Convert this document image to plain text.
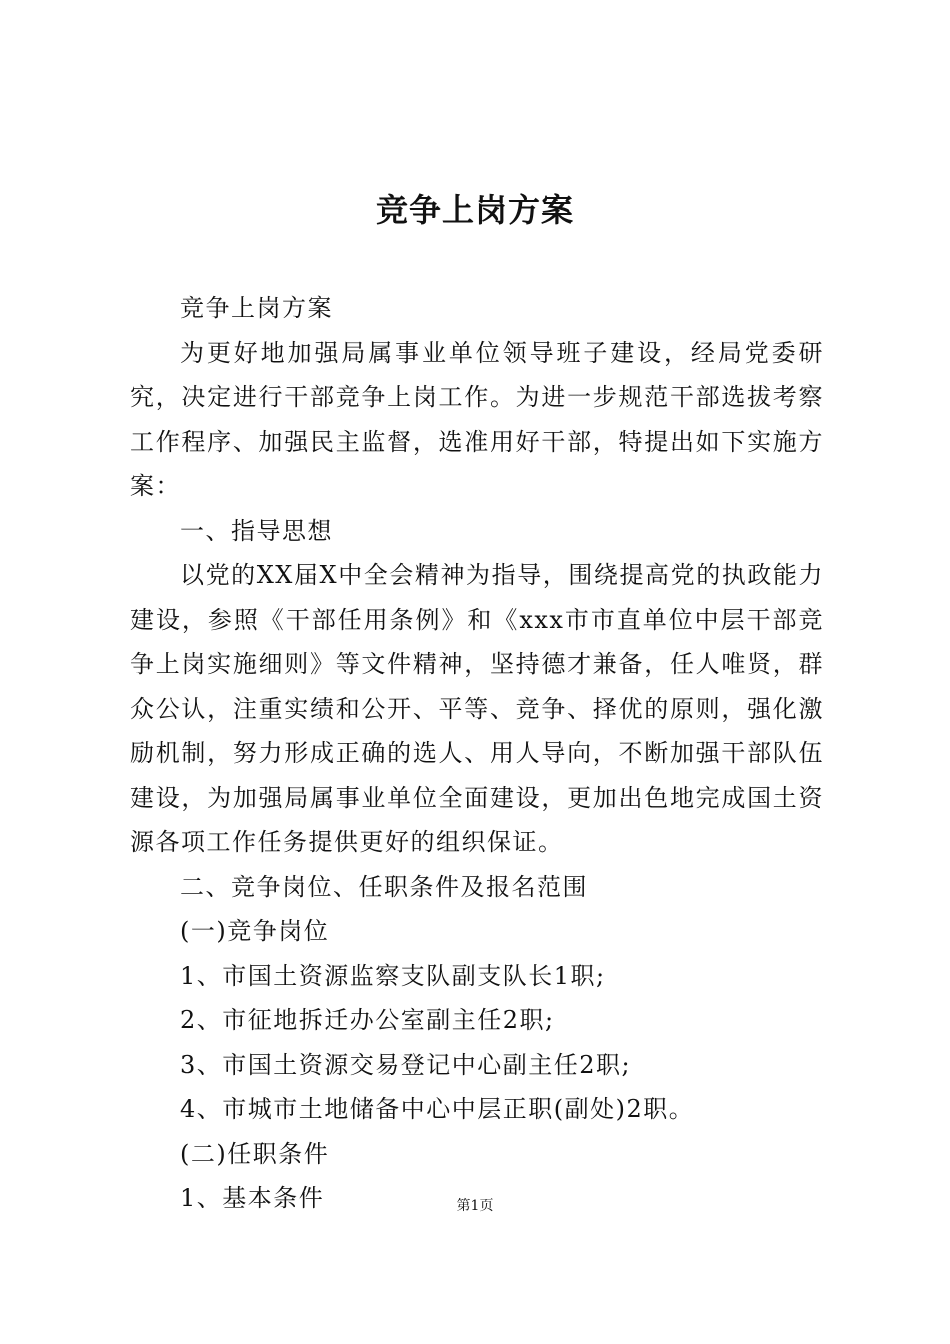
竞争上岗方案

竞争上岗方案

为更好地加强局属事业单位领导班子建设，经局党委研究，决定进行干部竞争上岗工作。为进一步规范干部选拔考察工作程序、加强民主监督，选准用好干部，特提出如下实施方案：

一、指导思想

以党的XX届X中全会精神为指导，围绕提高党的执政能力建设，参照《干部任用条例》和《xxx市市直单位中层干部竞争上岗实施细则》等文件精神，坚持德才兼备，任人唯贤，群众公认，注重实绩和公开、平等、竞争、择优的原则，强化激励机制，努力形成正确的选人、用人导向，不断加强干部队伍建设，为加强局属事业单位全面建设，更加出色地完成国土资源各项工作任务提供更好的组织保证。

二、竞争岗位、任职条件及报名范围

(一)竞争岗位

1、市国土资源监察支队副支队长1职;

2、市征地拆迁办公室副主任2职;

3、市国土资源交易登记中心副主任2职;

4、市城市土地储备中心中层正职(副处)2职。

(二)任职条件

1、基本条件	第1页
